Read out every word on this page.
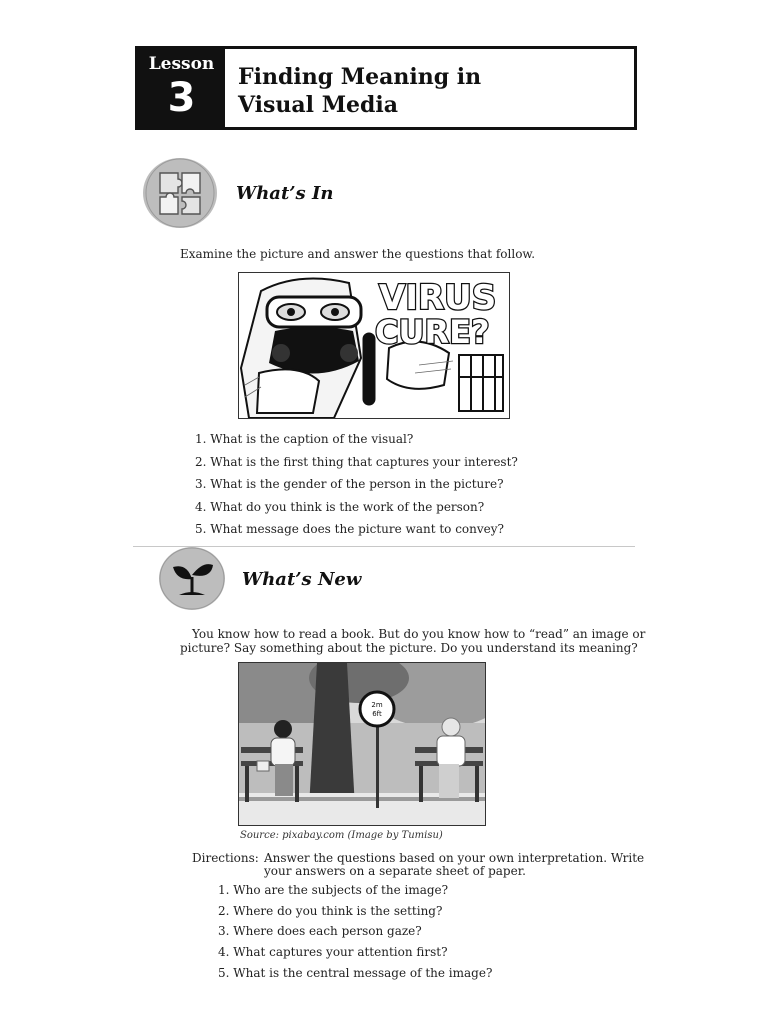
Lesson
3	Finding Meaning in
Visual Media
What’s In
Examine the picture and answer the questions that follow.
VIRUS
CURE?
1. What is the caption of the visual?
2. What is the first thing that captures your interest?
3. What is the gender of the person in the picture?
4. What do you think is the work of the person?
5. What message does the picture want to convey?
What’s New
You know how to read a book. But do you know how to “read” an image or
picture? Say something about the picture. Do you understand its meaning?
2m
6ft
Source: pixabay.com (Image by Tumisu)
Directions: Answer the questions based on your own interpretation. Write
your answers on a separate sheet of paper.
1. Who are the subjects of the image?
2. Where do you think is the setting?
3. Where does each person gaze?
4. What captures your attention first?
5. What is the central message of the image?
